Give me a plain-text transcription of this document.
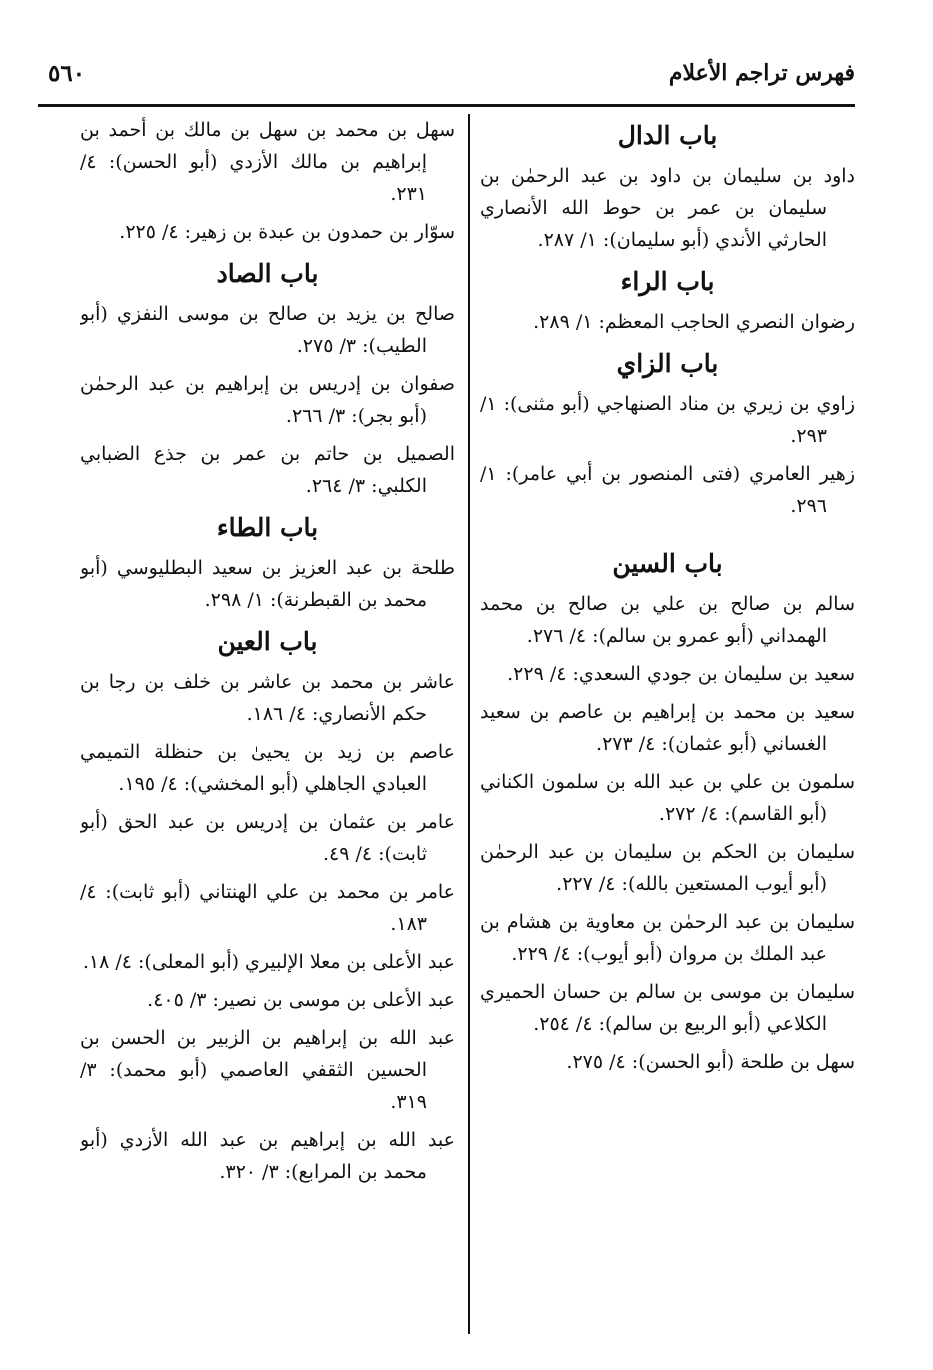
٥٦٠	فهرس تراجم الأعلام
باب الدال

داود بن سليمان بن داود بن عبد الرحمٰن بن سليمان بن عمر بن حوط الله الأنصاري الحارثي الأندي (أبو سليمان): ١/ ٢٨٧.

باب الراء

رضوان النصري الحاجب المعظم: ١/ ٢٨٩.

باب الزاي

زاوي بن زيري بن مناد الصنهاجي (أبو مثنى): ١/ ٢٩٣.

زهير العامري (فتى المنصور بن أبي عامر): ١/ ٢٩٦.

باب السين

سالم بن صالح بن علي بن صالح بن محمد الهمداني (أبو عمرو بن سالم): ٤/ ٢٧٦.

سعيد بن سليمان بن جودي السعدي: ٤/ ٢٢٩.

سعيد بن محمد بن إبراهيم بن عاصم بن سعيد الغساني (أبو عثمان): ٤/ ٢٧٣.

سلمون بن علي بن عبد الله بن سلمون الكناني (أبو القاسم): ٤/ ٢٧٢.

سليمان بن الحكم بن سليمان بن عبد الرحمٰن (أبو أيوب المستعين بالله): ٤/ ٢٢٧.

سليمان بن عبد الرحمٰن بن معاوية بن هشام بن عبد الملك بن مروان (أبو أيوب): ٤/ ٢٢٩.

سليمان بن موسى بن سالم بن حسان الحميري الكلاعي (أبو الربيع بن سالم): ٤/ ٢٥٤.

سهل بن طلحة (أبو الحسن): ٤/ ٢٧٥.

سهل بن محمد بن سهل بن مالك بن أحمد بن إبراهيم بن مالك الأزدي (أبو الحسن): ٤/ ٢٣١.

سوّار بن حمدون بن عبدة بن زهير: ٤/ ٢٢٥.

باب الصاد

صالح بن يزيد بن صالح بن موسى النفزي (أبو الطيب): ٣/ ٢٧٥.

صفوان بن إدريس بن إبراهيم بن عبد الرحمٰن (أبو بجر): ٣/ ٢٦٦.

الصميل بن حاتم بن عمر بن جذع الضبابي الكلبي: ٣/ ٢٦٤.

باب الطاء

طلحة بن عبد العزيز بن سعيد البطليوسي (أبو محمد بن القبطرنة): ١/ ٢٩٨.

باب العين

عاشر بن محمد بن عاشر بن خلف بن رجا بن حكم الأنصاري: ٤/ ١٨٦.

عاصم بن زيد بن يحيىٰ بن حنظلة التميمي العبادي الجاهلي (أبو المخشي): ٤/ ١٩٥.

عامر بن عثمان بن إدريس بن عبد الحق (أبو ثابت): ٤/ ٤٩.

عامر بن محمد بن علي الهنتاني (أبو ثابت): ٤/ ١٨٣.

عبد الأعلى بن معلا الإلبيري (أبو المعلى): ٤/ ١٨.

عبد الأعلى بن موسى بن نصير: ٣/ ٤٠٥.

عبد الله بن إبراهيم بن الزبير بن الحسن بن الحسين الثقفي العاصمي (أبو محمد): ٣/ ٣١٩.

عبد الله بن إبراهيم بن عبد الله الأزدي (أبو محمد بن المرابع): ٣/ ٣٢٠.
